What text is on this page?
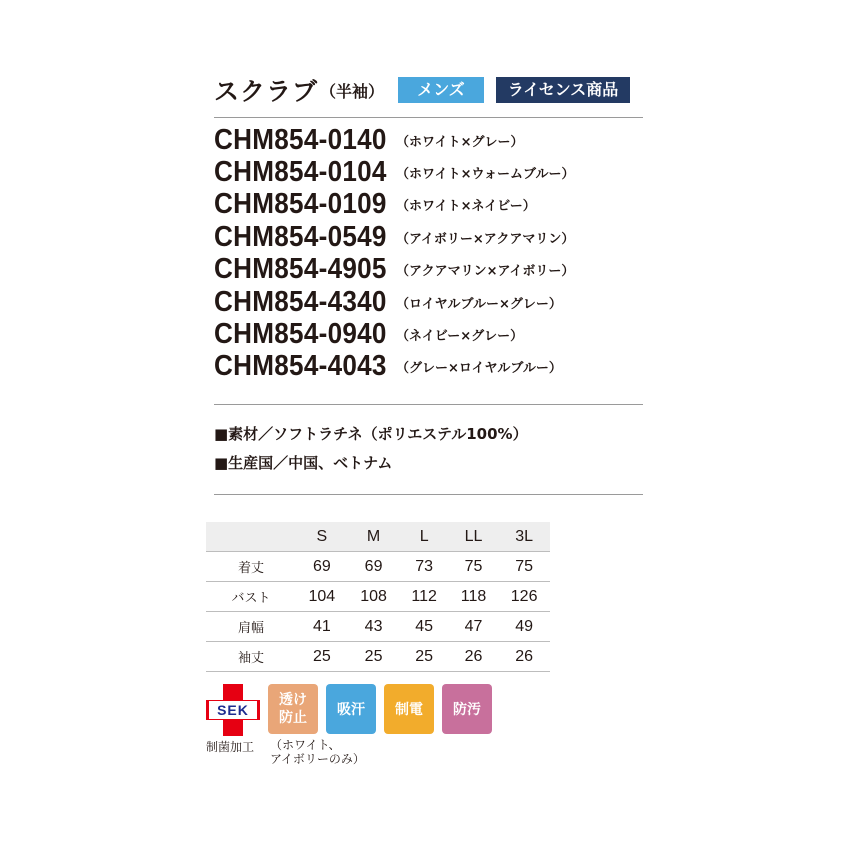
スクラブ （半袖）	メンズ	ライセンス商品
CHM854-0140 （ホワイト×グレー）
CHM854-0104 （ホワイト×ウォームブルー）
CHM854-0109 （ホワイト×ネイビー）
CHM854-0549 （アイボリー×アクアマリン）
CHM854-4905 （アクアマリン×アイボリー）
CHM854-4340 （ロイヤルブルー×グレー）
CHM854-0940 （ネイビー×グレー）
CHM854-4043 （グレー×ロイヤルブルー）
■素材／ソフトラチネ（ポリエステル100%）
■生産国／中国、ベトナム
	S	M	L	LL	3L
着丈	69	69	73	75	75
バスト	104	108	112	118	126
肩幅	41	43	45	47	49
袖丈	25	25	25	26	26
SEK
制菌加工 （ホワイト、
アイボリーのみ）
透け
防止	吸汗	制電	防汚
